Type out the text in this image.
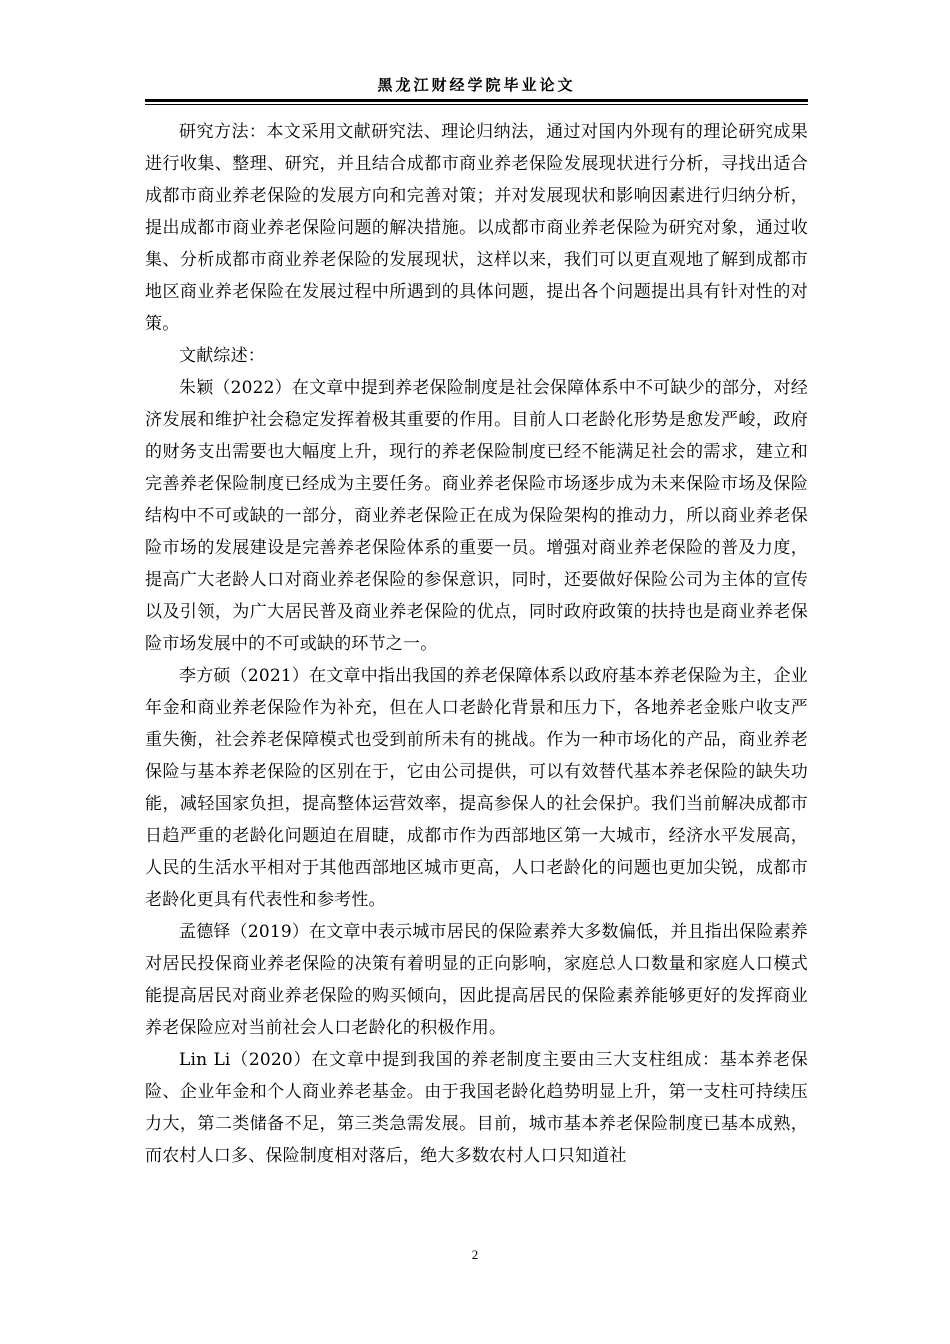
黑龙江财经学院毕业论文

研究方法：本文采用文献研究法、理论归纳法，通过对国内外现有的理论研究成果进行收集、整理、研究，并且结合成都市商业养老保险发展现状进行分析，寻找出适合成都市商业养老保险的发展方向和完善对策；并对发展现状和影响因素进行归纳分析，提出成都市商业养老保险问题的解决措施。以成都市商业养老保险为研究对象，通过收集、分析成都市商业养老保险的发展现状，这样以来，我们可以更直观地了解到成都市地区商业养老保险在发展过程中所遇到的具体问题，提出各个问题提出具有针对性的对策。

文献综述：

朱颖（2022）在文章中提到养老保险制度是社会保障体系中不可缺少的部分，对经济发展和维护社会稳定发挥着极其重要的作用。目前人口老龄化形势是愈发严峻，政府的财务支出需要也大幅度上升，现行的养老保险制度已经不能满足社会的需求，建立和完善养老保险制度已经成为主要任务。商业养老保险市场逐步成为未来保险市场及保险结构中不可或缺的一部分，商业养老保险正在成为保险架构的推动力，所以商业养老保险市场的发展建设是完善养老保险体系的重要一员。增强对商业养老保险的普及力度，提高广大老龄人口对商业养老保险的参保意识，同时，还要做好保险公司为主体的宣传以及引领，为广大居民普及商业养老保险的优点，同时政府政策的扶持也是商业养老保险市场发展中的不可或缺的环节之一。

李方硕（2021）在文章中指出我国的养老保障体系以政府基本养老保险为主，企业年金和商业养老保险作为补充，但在人口老龄化背景和压力下，各地养老金账户收支严重失衡，社会养老保障模式也受到前所未有的挑战。作为一种市场化的产品，商业养老保险与基本养老保险的区别在于，它由公司提供，可以有效替代基本养老保险的缺失功能，减轻国家负担，提高整体运营效率，提高参保人的社会保护。我们当前解决成都市日趋严重的老龄化问题迫在眉睫，成都市作为西部地区第一大城市，经济水平发展高，人民的生活水平相对于其他西部地区城市更高，人口老龄化的问题也更加尖锐，成都市老龄化更具有代表性和参考性。

孟德铎（2019）在文章中表示城市居民的保险素养大多数偏低，并且指出保险素养对居民投保商业养老保险的决策有着明显的正向影响，家庭总人口数量和家庭人口模式能提高居民对商业养老保险的购买倾向，因此提高居民的保险素养能够更好的发挥商业养老保险应对当前社会人口老龄化的积极作用。

Lin Li（2020）在文章中提到我国的养老制度主要由三大支柱组成：基本养老保险、企业年金和个人商业养老基金。由于我国老龄化趋势明显上升，第一支柱可持续压力大，第二类储备不足，第三类急需发展。目前，城市基本养老保险制度已基本成熟，而农村人口多、保险制度相对落后，绝大多数农村人口只知道社

2
